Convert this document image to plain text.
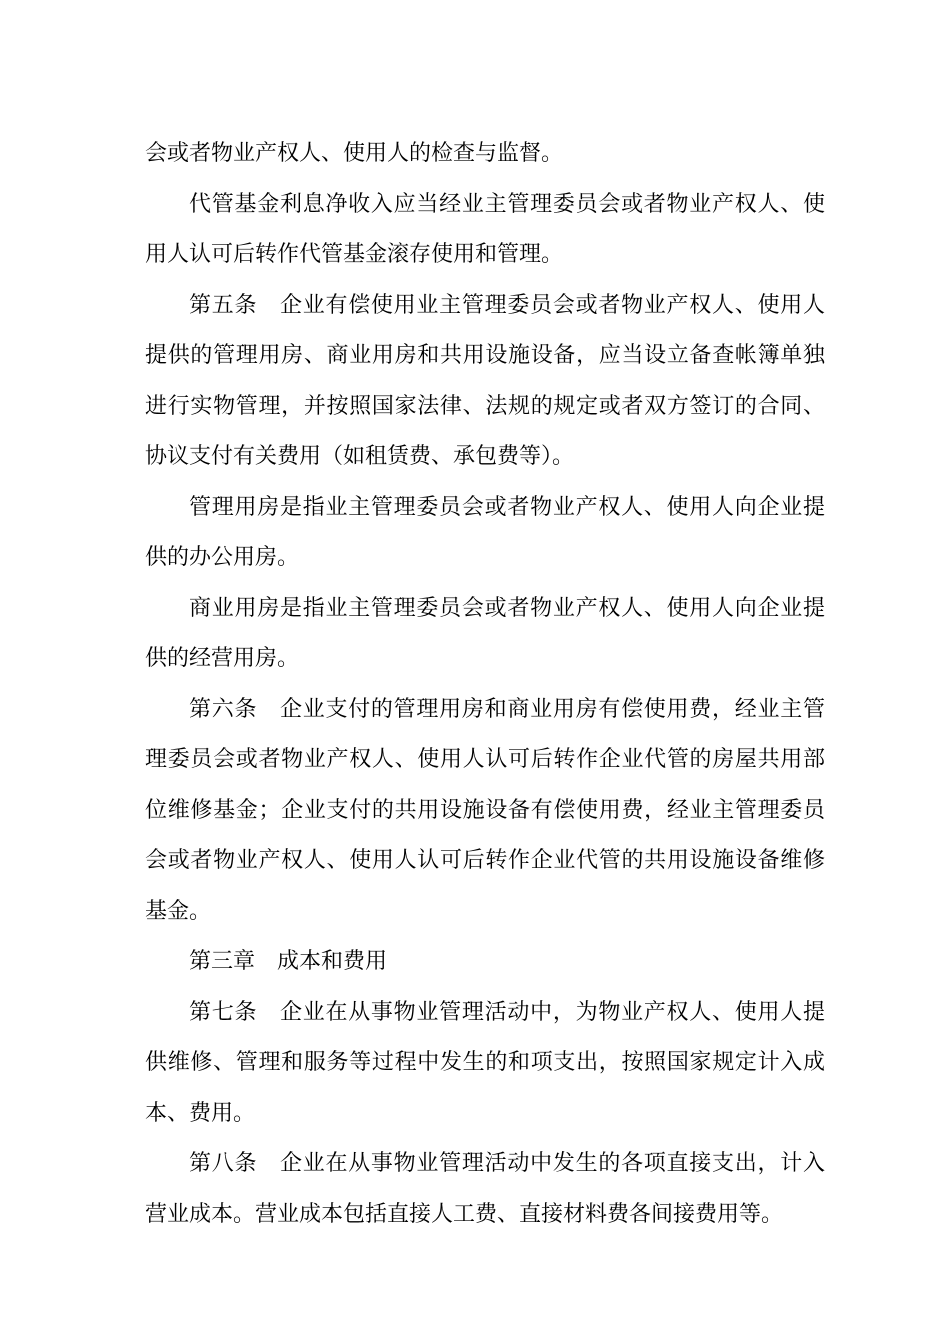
会或者物业产权人、使用人的检查与监督。

代管基金利息净收入应当经业主管理委员会或者物业产权人、使用人认可后转作代管基金滚存使用和管理。

第五条 企业有偿使用业主管理委员会或者物业产权人、使用人提供的管理用房、商业用房和共用设施设备，应当设立备查帐簿单独进行实物管理，并按照国家法律、法规的规定或者双方签订的合同、协议支付有关费用（如租赁费、承包费等）。

管理用房是指业主管理委员会或者物业产权人、使用人向企业提供的办公用房。

商业用房是指业主管理委员会或者物业产权人、使用人向企业提供的经营用房。

第六条 企业支付的管理用房和商业用房有偿使用费，经业主管理委员会或者物业产权人、使用人认可后转作企业代管的房屋共用部位维修基金；企业支付的共用设施设备有偿使用费，经业主管理委员会或者物业产权人、使用人认可后转作企业代管的共用设施设备维修基金。

第三章 成本和费用

第七条 企业在从事物业管理活动中，为物业产权人、使用人提供维修、管理和服务等过程中发生的和项支出，按照国家规定计入成本、费用。

第八条 企业在从事物业管理活动中发生的各项直接支出，计入营业成本。营业成本包括直接人工费、直接材料费各间接费用等。
